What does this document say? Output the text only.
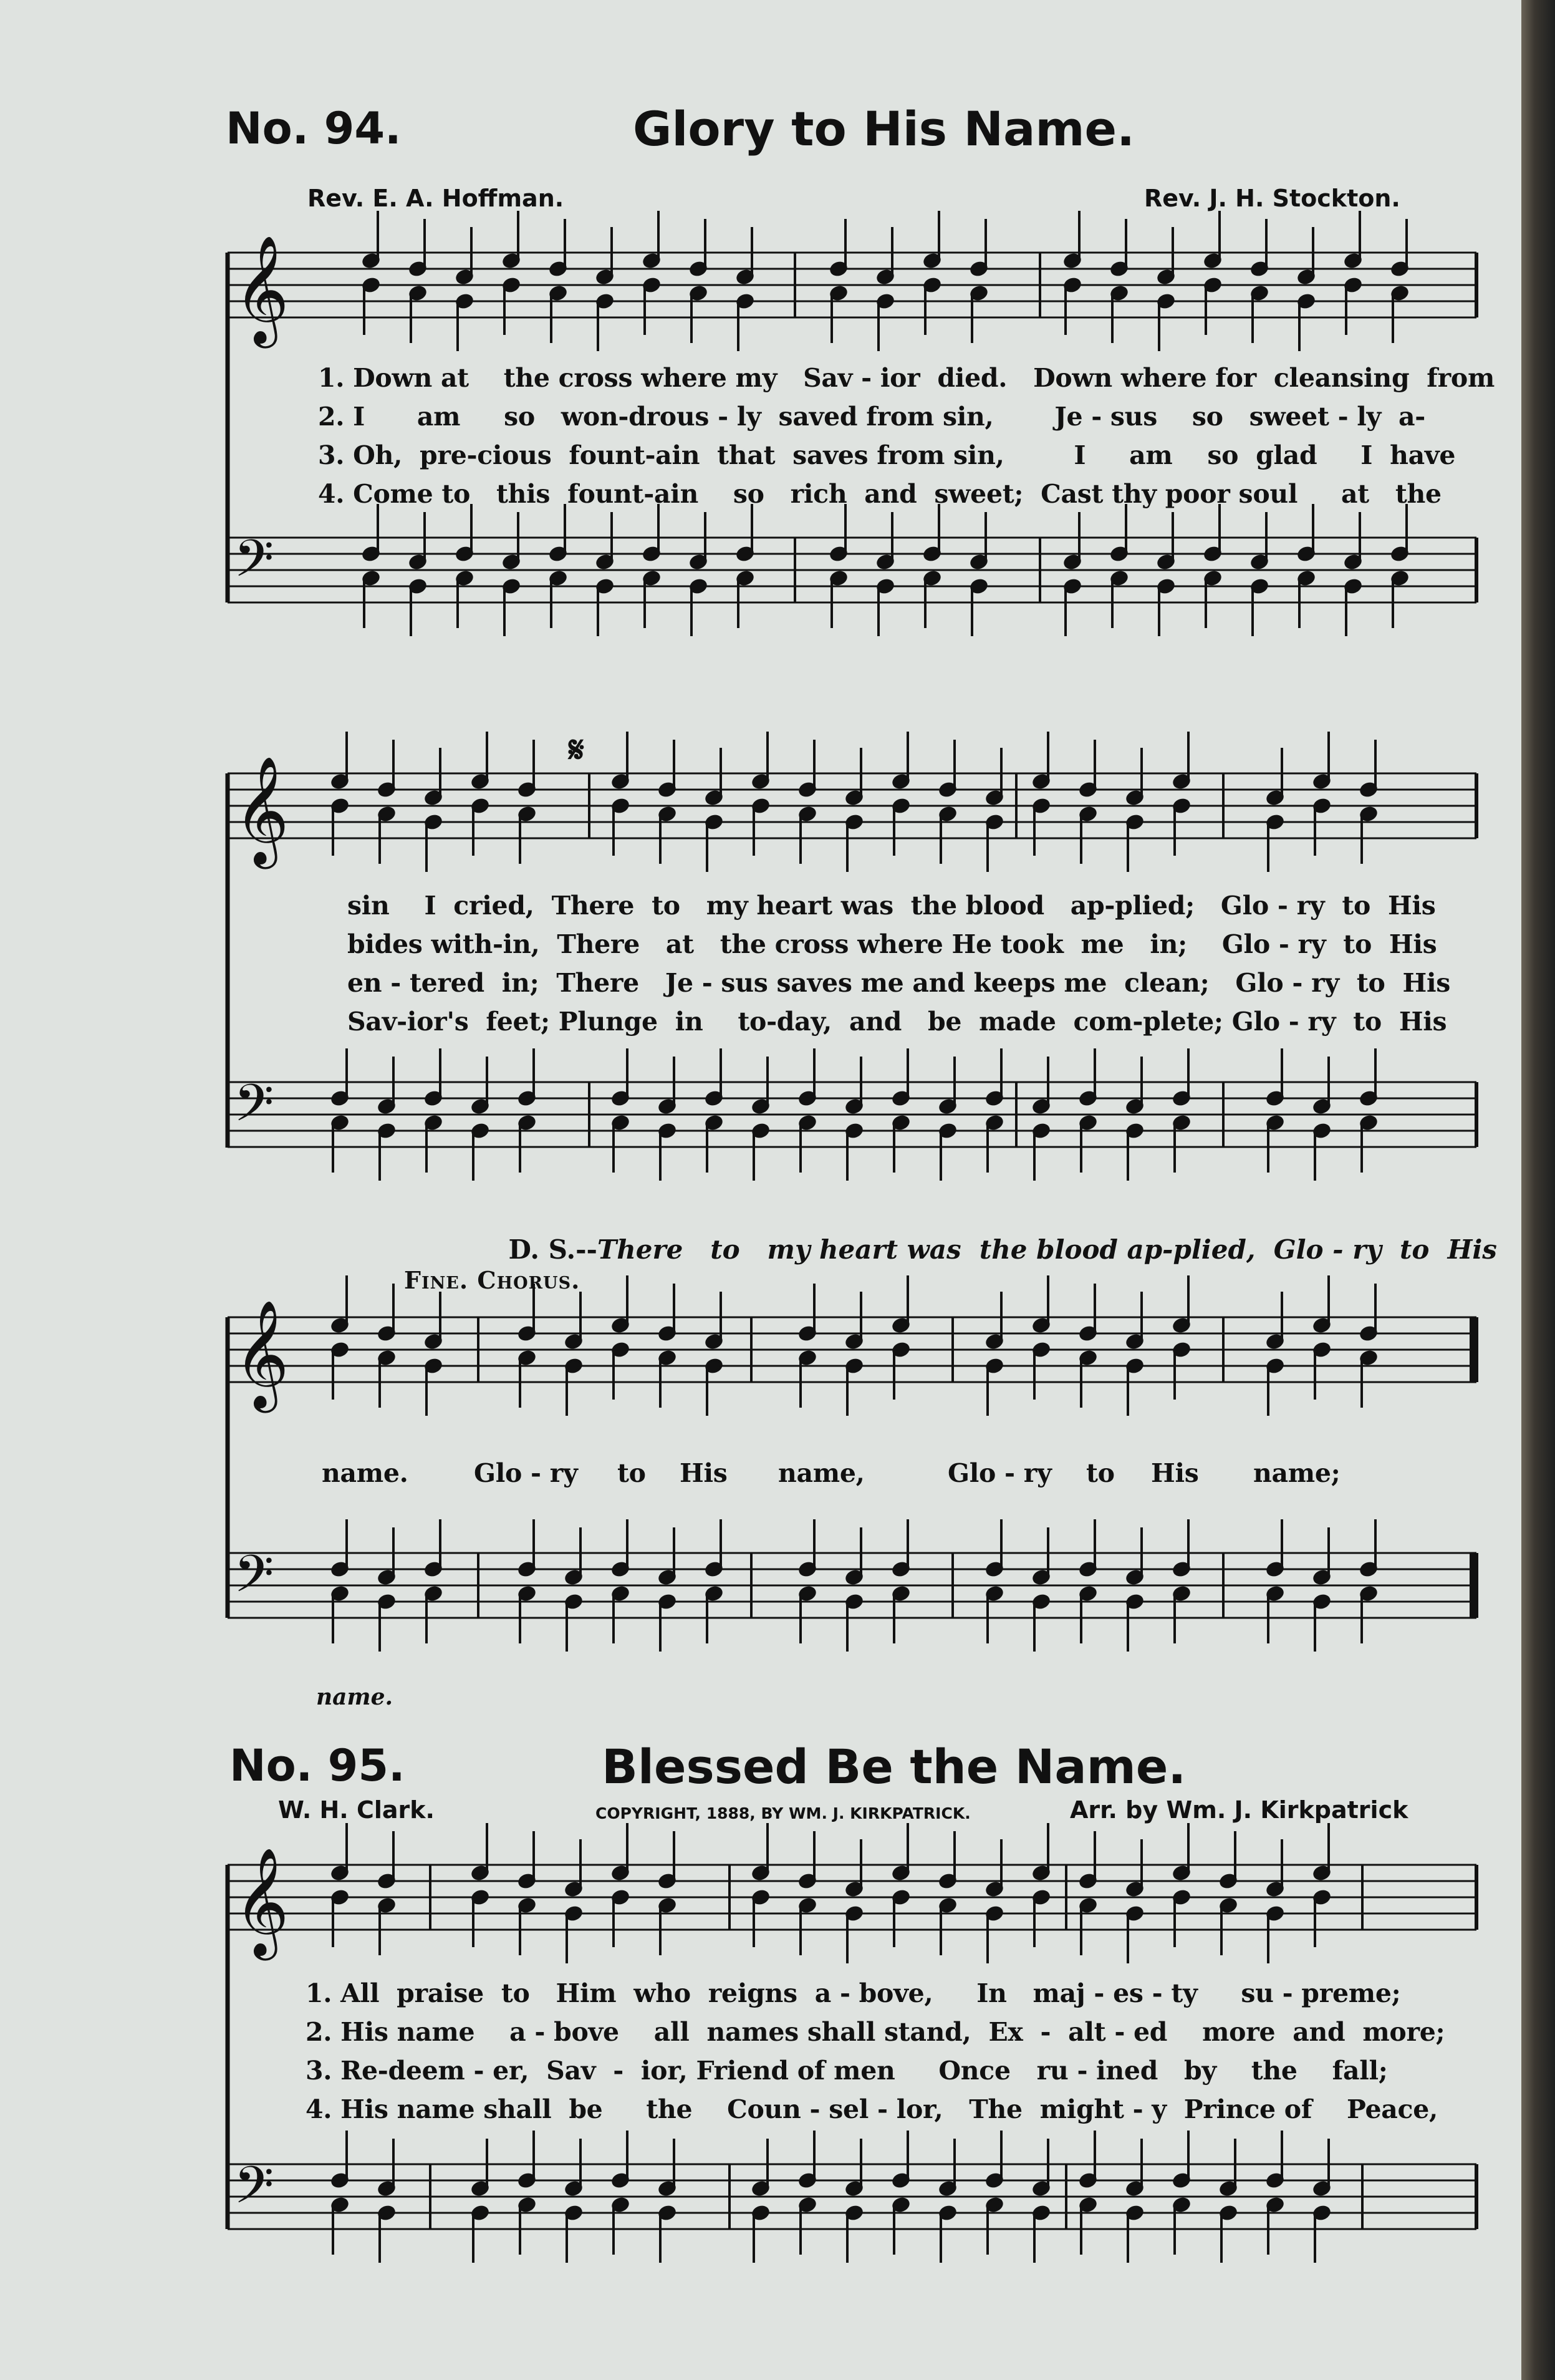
No. 94.	Glory to His Name.
Rev. E. A. Hoffman.	Rev. J. H. Stockton.
𝄞
𝄢
𝄞
𝄢
𝄞
𝄢
𝄞
𝄢
1. Down at    the cross where my   Sav - ior  died.   Down where for  cleansing  from
2. I      am     so   won-drous - ly  saved from sin,       Je - sus    so   sweet - ly  a-
3. Oh,  pre-cious  fount-ain  that  saves from sin,        I     am    so  glad     I  have
4. Come to   this  fount-ain    so   rich  and  sweet;  Cast thy poor soul     at   the
𝄋
sin    I  cried,  There  to   my heart was  the blood   ap-plied;   Glo - ry  to  His
bides with-in,  There   at   the cross where He took  me   in;    Glo - ry  to  His
en - tered  in;  There   Je - sus saves me and keeps me  clean;   Glo - ry  to  His
Sav-ior's  feet; Plunge  in    to-day,  and   be  made  com-plete; Glo - ry  to  His

D. S.--There   to   my heart was  the blood ap-plied,  Glo - ry  to  His

Fine. Chorus.
name.	Glo - ry to His name,	Glo - ry to His name;
name.
No. 95.	Blessed Be the Name.
W. H. Clark.	COPYRIGHT, 1888, BY WM. J. KIRKPATRICK.	Arr. by Wm. J. Kirkpatrick
1. All  praise  to   Him  who  reigns  a - bove,     In   maj - es - ty     su - preme;
2. His name    a - bove    all  names shall stand,  Ex  -  alt - ed    more  and  more;
3. Re-deem - er,  Sav  -  ior, Friend of men     Once   ru - ined   by    the    fall;
4. His name shall  be     the    Coun - sel - lor,   The  might - y  Prince of    Peace,
